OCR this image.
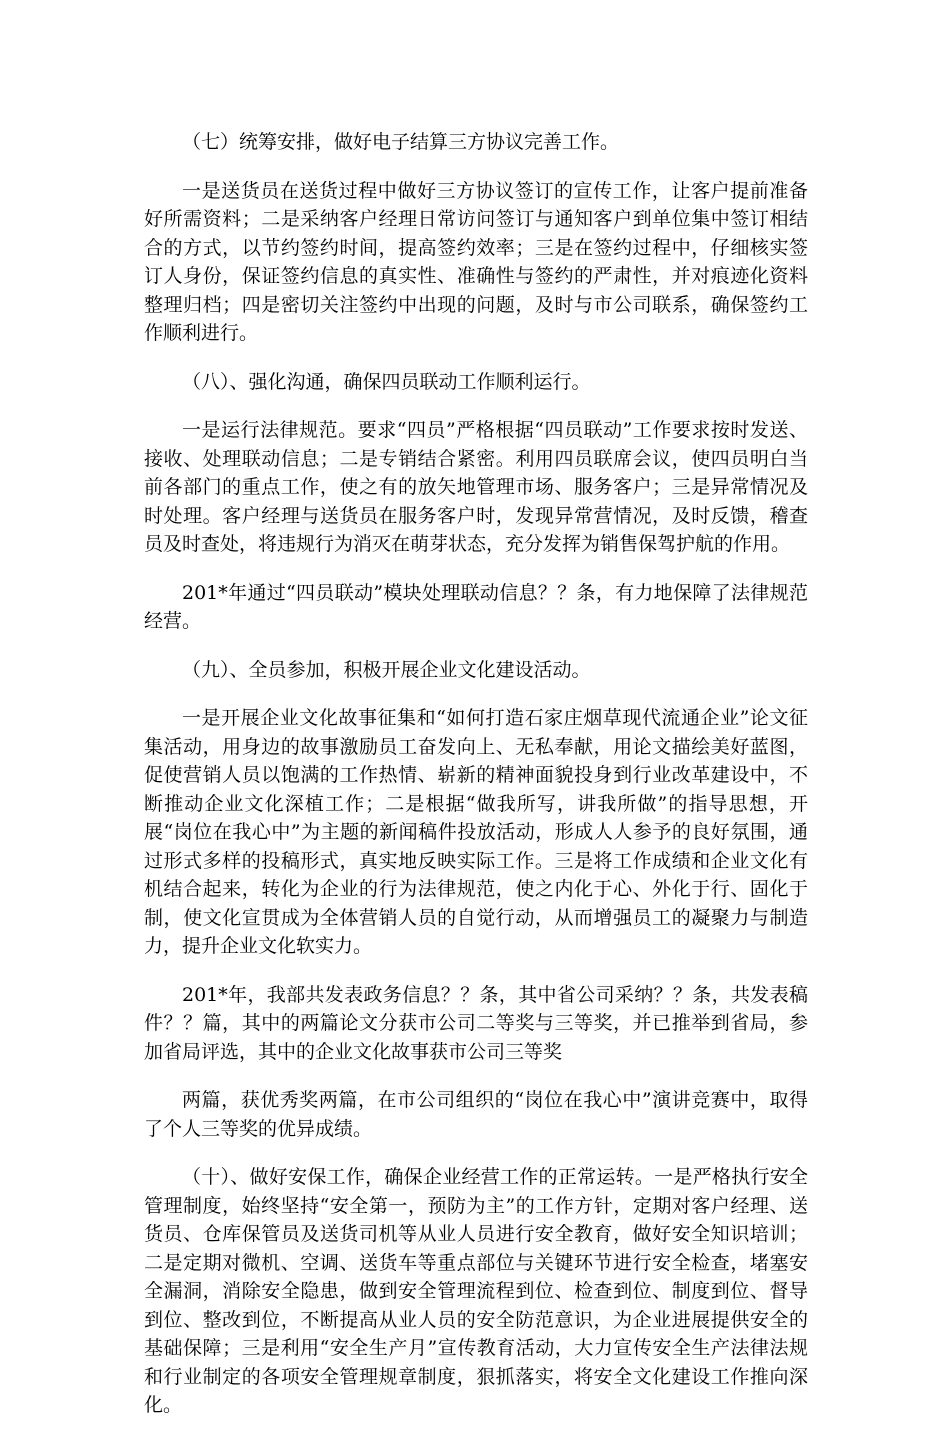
（七）统筹安排，做好电子结算三方协议完善工作。

一是送货员在送货过程中做好三方协议签订的宣传工作，让客户提前准备好所需资料；二是采纳客户经理日常访问签订与通知客户到单位集中签订相结合的方式，以节约签约时间，提高签约效率；三是在签约过程中，仔细核实签订人身份，保证签约信息的真实性、准确性与签约的严肃性，并对痕迹化资料整理归档；四是密切关注签约中出现的问题，及时与市公司联系，确保签约工作顺利进行。

（八）、强化沟通，确保四员联动工作顺利运行。

一是运行法律规范。要求“四员”严格根据“四员联动”工作要求按时发送、接收、处理联动信息；二是专销结合紧密。利用四员联席会议，使四员明白当前各部门的重点工作，使之有的放矢地管理市场、服务客户；三是异常情况及时处理。客户经理与送货员在服务客户时，发现异常营情况，及时反馈，稽查员及时查处，将违规行为消灭在萌芽状态，充分发挥为销售保驾护航的作用。

201*年通过“四员联动”模块处理联动信息？？条，有力地保障了法律规范经营。

（九）、全员参加，积极开展企业文化建设活动。

一是开展企业文化故事征集和“如何打造石家庄烟草现代流通企业”论文征集活动，用身边的故事激励员工奋发向上、无私奉献，用论文描绘美好蓝图，促使营销人员以饱满的工作热情、崭新的精神面貌投身到行业改革建设中，不断推动企业文化深植工作；二是根据“做我所写，讲我所做”的指导思想，开展“岗位在我心中”为主题的新闻稿件投放活动，形成人人参予的良好氛围，通过形式多样的投稿形式，真实地反映实际工作。三是将工作成绩和企业文化有机结合起来，转化为企业的行为法律规范，使之内化于心、外化于行、固化于制，使文化宣贯成为全体营销人员的自觉行动，从而增强员工的凝聚力与制造力，提升企业文化软实力。

201*年，我部共发表政务信息？？条，其中省公司采纳？？条，共发表稿件？？篇，其中的两篇论文分获市公司二等奖与三等奖，并已推举到省局，参加省局评选，其中的企业文化故事获市公司三等奖

两篇，获优秀奖两篇，在市公司组织的“岗位在我心中”演讲竞赛中，取得了个人三等奖的优异成绩。

（十）、做好安保工作，确保企业经营工作的正常运转。一是严格执行安全管理制度，始终坚持“安全第一，预防为主”的工作方针，定期对客户经理、送货员、仓库保管员及送货司机等从业人员进行安全教育，做好安全知识培训；二是定期对微机、空调、送货车等重点部位与关键环节进行安全检查，堵塞安全漏洞，消除安全隐患，做到安全管理流程到位、检查到位、制度到位、督导到位、整改到位，不断提高从业人员的安全防范意识，为企业进展提供安全的基础保障；三是利用“安全生产月”宣传教育活动，大力宣传安全生产法律法规和行业制定的各项安全管理规章制度，狠抓落实，将安全文化建设工作推向深化。
